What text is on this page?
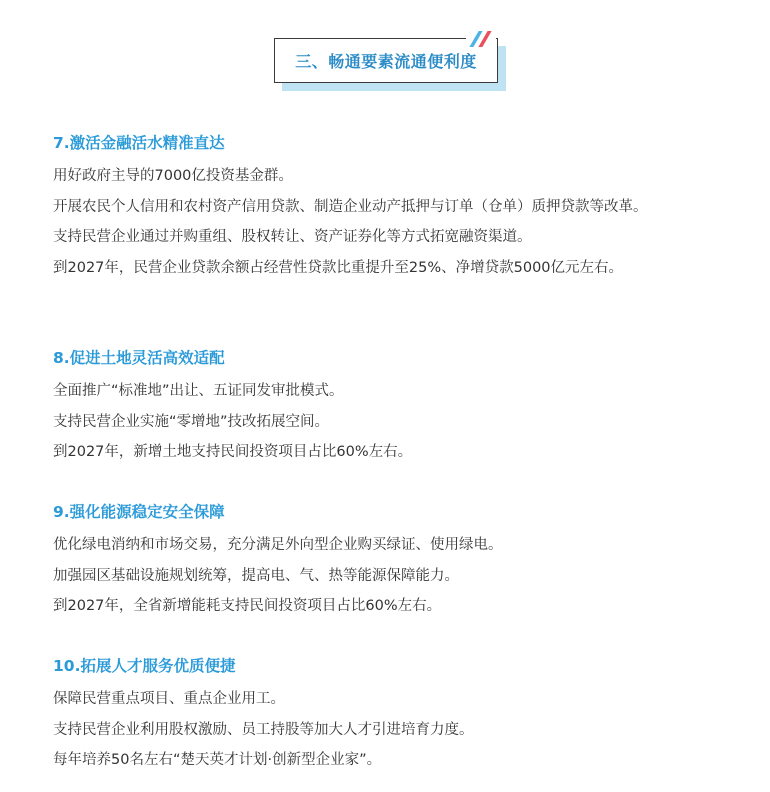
三、畅通要素流通便利度
7.激活金融活水精准直达

用好政府主导的7000亿投资基金群。

开展农民个人信用和农村资产信用贷款、制造企业动产抵押与订单（仓单）质押贷款等改革。

支持民营企业通过并购重组、股权转让、资产证券化等方式拓宽融资渠道。

到2027年，民营企业贷款余额占经营性贷款比重提升至25%、净增贷款5000亿元左右。

8.促进土地灵活高效适配

全面推广“标准地”出让、五证同发审批模式。

支持民营企业实施“零增地”技改拓展空间。

到2027年，新增土地支持民间投资项目占比60%左右。

9.强化能源稳定安全保障

优化绿电消纳和市场交易，充分满足外向型企业购买绿证、使用绿电。

加强园区基础设施规划统筹，提高电、气、热等能源保障能力。

到2027年，全省新增能耗支持民间投资项目占比60%左右。

10.拓展人才服务优质便捷

保障民营重点项目、重点企业用工。

支持民营企业利用股权激励、员工持股等加大人才引进培育力度。

每年培养50名左右“楚天英才计划·创新型企业家”。
